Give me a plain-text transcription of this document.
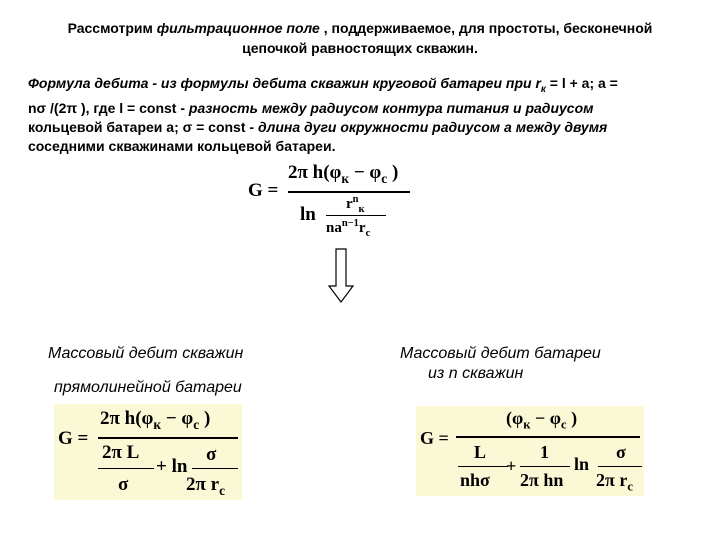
Рассмотрим фильтрационное поле , поддерживаемое, для простоты, бесконечной
цепочкой равностоящих скважин.
Формула дебита - из формулы дебита скважин круговой батареи при $r_к = l + a$; a =
nσ /(2π ), где l = const - разность между радиусом контура питания и радиусом
кольцевой батареи a; σ = const - длина дуги окружности радиусом a между двумя
соседними скважинами кольцевой батареи.
G =
2π $h(\varphi_к - \varphi_c$ )
$\ln r^n_к$
$na^{n-1}r_c$
Массовый дебит скважин
прямолинейной батареи
Массовый дебит батареи
из n скважин
G =
2π $h(\varphi_к - \varphi_c$ )
2π L
σ
+ ln
σ
2π $r_c$
G =
($\varphi_к - \varphi_c$ )
L
nhσ
+
1
2π hn
ln
σ
2π $r_c$
